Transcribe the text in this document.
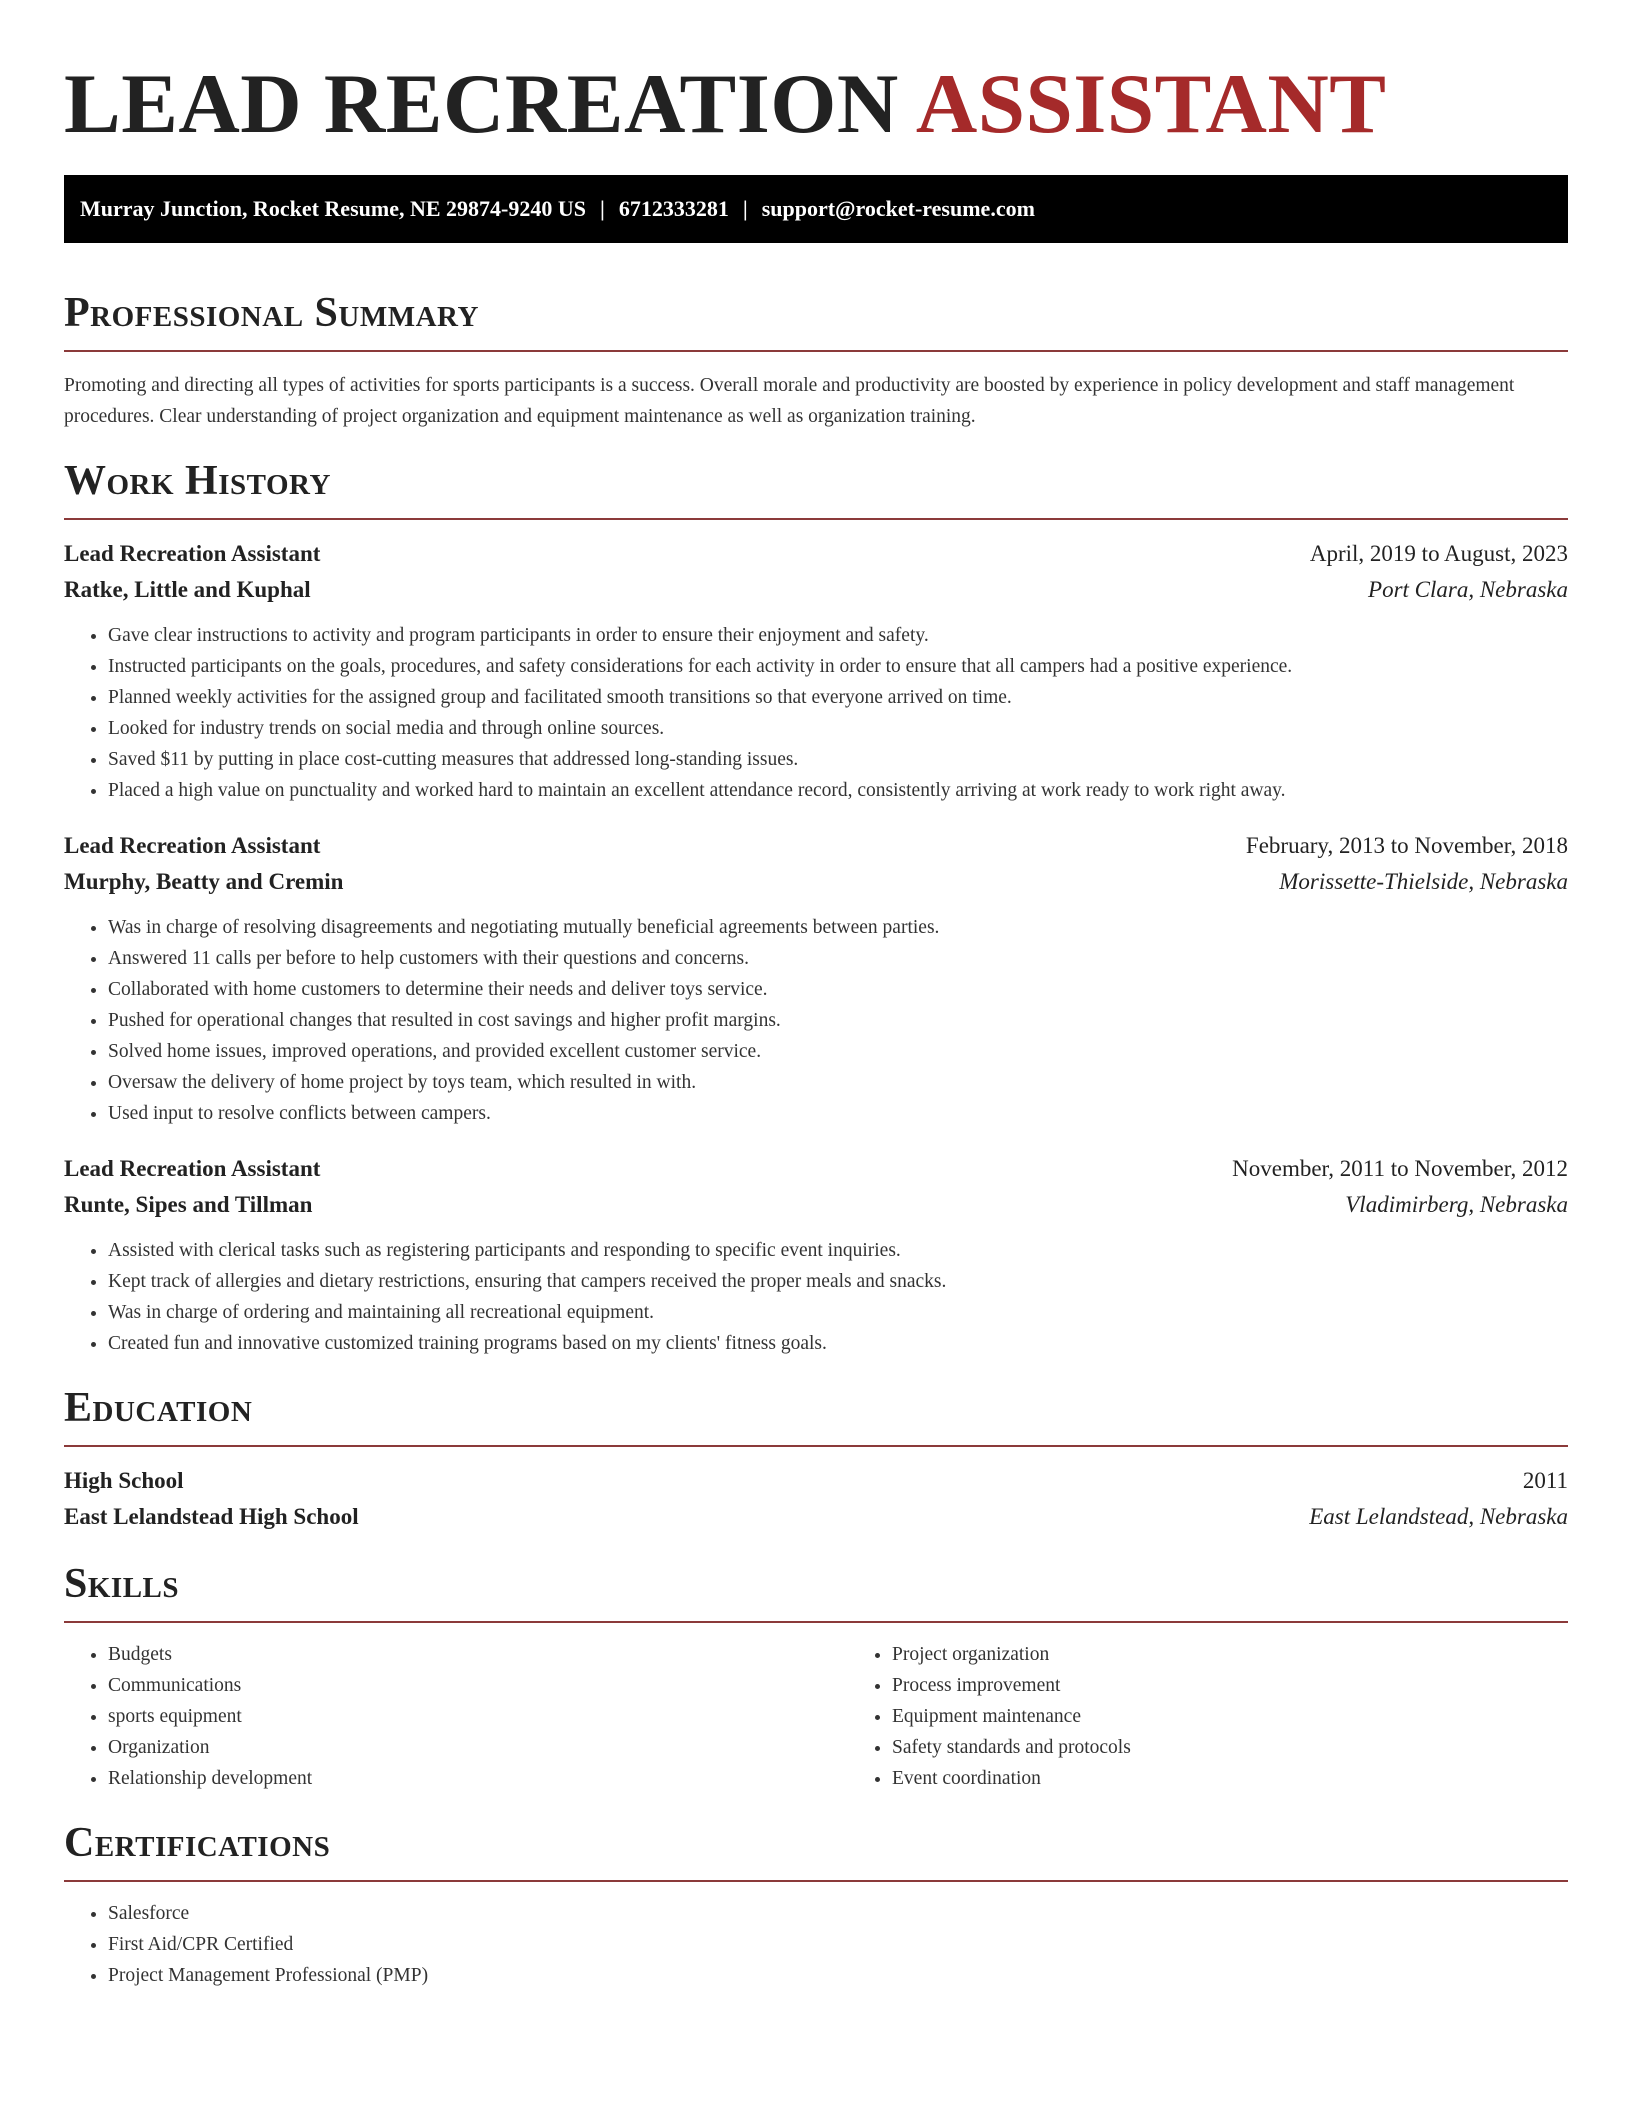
LEAD RECREATION ASSISTANT
Murray Junction, Rocket Resume, NE 29874-9240 US | 6712333281 | support@rocket-resume.com
Professional Summary

Promoting and directing all types of activities for sports participants is a success. Overall morale and productivity are boosted by experience in policy development and staff management procedures. Clear understanding of project organization and equipment maintenance as well as organization training.

Work History
Lead Recreation Assistant	April, 2019 to August, 2023
Ratke, Little and Kuphal	Port Clara, Nebraska
• Gave clear instructions to activity and program participants in order to ensure their enjoyment and safety.
• Instructed participants on the goals, procedures, and safety considerations for each activity in order to ensure that all campers had a positive experience.
• Planned weekly activities for the assigned group and facilitated smooth transitions so that everyone arrived on time.
• Looked for industry trends on social media and through online sources.
• Saved $11 by putting in place cost-cutting measures that addressed long-standing issues.
• Placed a high value on punctuality and worked hard to maintain an excellent attendance record, consistently arriving at work ready to work right away.
Lead Recreation Assistant	February, 2013 to November, 2018
Murphy, Beatty and Cremin	Morissette-Thielside, Nebraska
• Was in charge of resolving disagreements and negotiating mutually beneficial agreements between parties.
• Answered 11 calls per before to help customers with their questions and concerns.
• Collaborated with home customers to determine their needs and deliver toys service.
• Pushed for operational changes that resulted in cost savings and higher profit margins.
• Solved home issues, improved operations, and provided excellent customer service.
• Oversaw the delivery of home project by toys team, which resulted in with.
• Used input to resolve conflicts between campers.
Lead Recreation Assistant	November, 2011 to November, 2012
Runte, Sipes and Tillman	Vladimirberg, Nebraska
• Assisted with clerical tasks such as registering participants and responding to specific event inquiries.
• Kept track of allergies and dietary restrictions, ensuring that campers received the proper meals and snacks.
• Was in charge of ordering and maintaining all recreational equipment.
• Created fun and innovative customized training programs based on my clients' fitness goals.
Education
High School	2011
East Lelandstead High School	East Lelandstead, Nebraska
Skills
• Budgets
• Communications
• sports equipment
• Organization
• Relationship development
• Project organization
• Process improvement
• Equipment maintenance
• Safety standards and protocols
• Event coordination
Certifications
• Salesforce
• First Aid/CPR Certified
• Project Management Professional (PMP)
